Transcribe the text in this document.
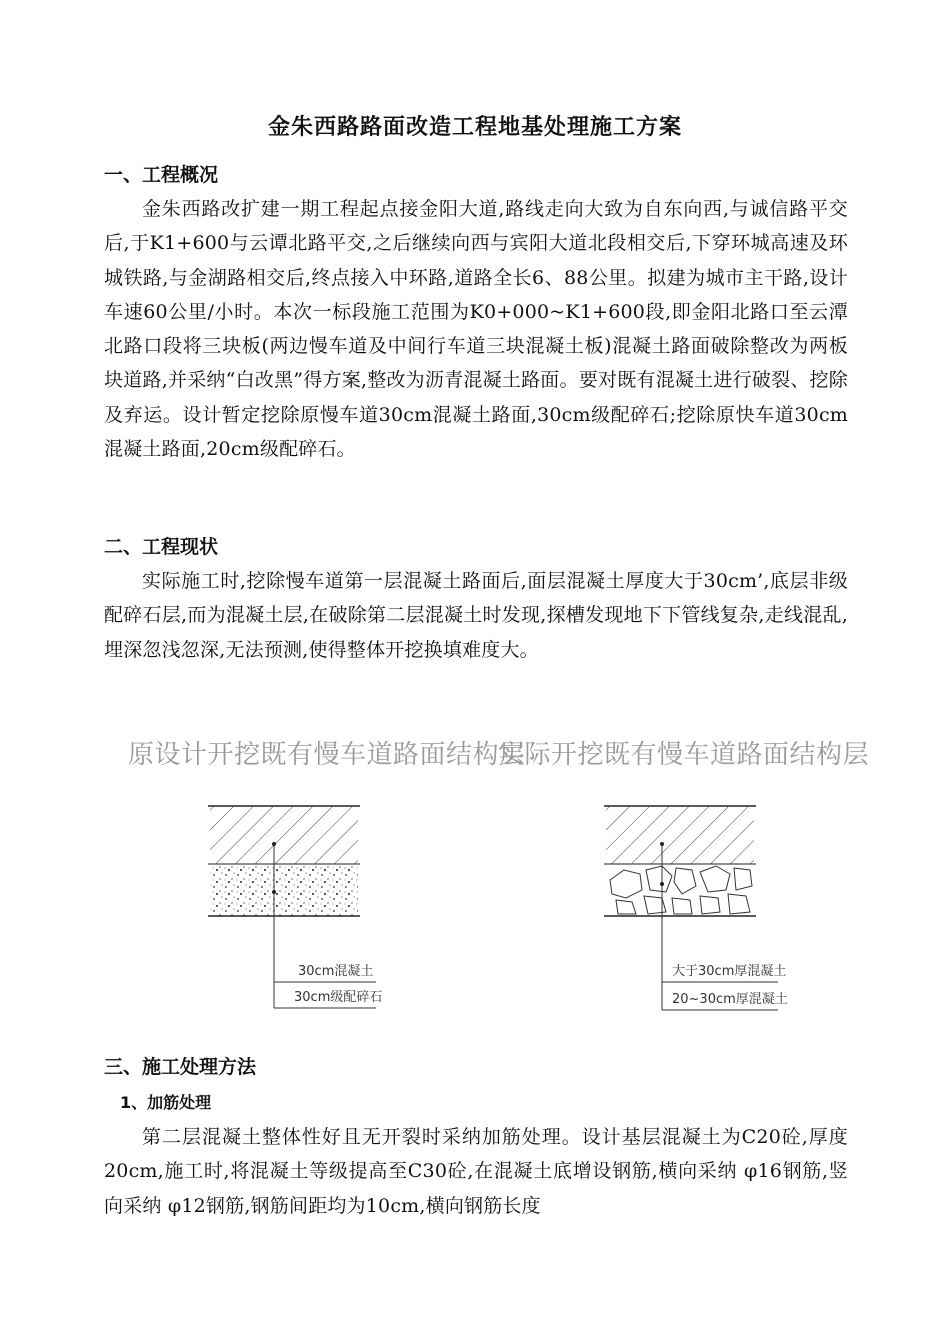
金朱西路路面改造工程地基处理施工方案
一、工程概况

金朱西路改扩建一期工程起点接金阳大道,路线走向大致为自东向西,与诚信路平交后,于K1+600与云谭北路平交,之后继续向西与宾阳大道北段相交后,下穿环城高速及环城铁路,与金湖路相交后,终点接入中环路,道路全长6、88公里。拟建为城市主干路,设计车速60公里/小时。本次一标段施工范围为K0+000~K1+600段,即金阳北路口至云潭北路口段将三块板(两边慢车道及中间行车道三块混凝土板)混凝土路面破除整改为两板块道路,并采纳“白改黑”得方案,整改为沥青混凝土路面。要对既有混凝土进行破裂、挖除及弃运。设计暂定挖除原慢车道30cm混凝土路面,30cm级配碎石;挖除原快车道30cm混凝土路面,20cm级配碎石。

二、工程现状

实际施工时,挖除慢车道第一层混凝土路面后,面层混凝土厚度大于30cm’,底层非级配碎石层,而为混凝土层,在破除第二层混凝土时发现,探槽发现地下下管线复杂,走线混乱,埋深忽浅忽深,无法预测,使得整体开挖换填难度大。

原设计开挖既有慢车道路面结构层
实际开挖既有慢车道路面结构层
30cm混凝土
30cm级配碎石
大于30cm厚混凝土
20~30cm厚混凝土
三、施工处理方法
1、加筋处理

第二层混凝土整体性好且无开裂时采纳加筋处理。设计基层混凝土为C20砼,厚度20cm,施工时,将混凝土等级提高至C30砼,在混凝土底增设钢筋,横向采纳 φ16钢筋,竖向采纳 φ12钢筋,钢筋间距均为10cm,横向钢筋长度
